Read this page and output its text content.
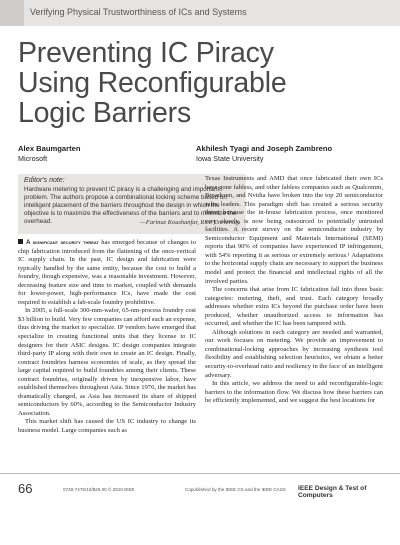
Verifying Physical Trustworthiness of ICs and Systems
Preventing IC Piracy
Using Reconfigurable
Logic Barriers
Alex Baumgarten
Microsoft
Akhilesh Tyagi and Joseph Zambreno
Iowa State University
Editor's note:
Hardware metering to prevent IC piracy is a challenging and important problem. The authors propose a combinational locking scheme based on intelligent placement of the barriers throughout the design in which the objective is to maximize the effectiveness of the barriers and to minimize the overhead.	—Farinaz Koushanfar, Rice University

A significant security threat has emerged because of changes to chip fabrication introduced from the flattening of the once-vertical IC supply chain. In the past, IC design and fabrication were typically handled by the same entity, because the cost to build a foundry, though expensive, was a reasonable investment. However, decreasing feature size and time to market, coupled with demands for lower-power, high-performance ICs, have made the cost required to establish a fab-scale foundry prohibitive.

In 2005, a full-scale 300-mm-wafer, 65-nm-process foundry cost $3 billion to build. Very few companies can afford such an expense, thus driving the market to specialize. IP vendors have emerged that specialize in creating functional units that they license to IC designers for their ASIC designs. IC design companies integrate third-party IP along with their own to create an IC design. Finally, contract foundries harness economies of scale, as they spread the large capital required to build foundries among their clients. These contract foundries, originally driven by inexpensive labor, have established themselves throughout Asia. Since 1976, the market has dramatically changed, as Asia has increased its share of shipped semiconductors by 60%, according to the Semiconductor Industry Association.

This market shift has caused the US IC industry to change its business model. Large companies such as

Texas Instruments and AMD that once fabricated their own ICs have gone fabless, and other fabless companies such as Qualcomm, Broadcom, and Nvidia have broken into the top 20 semiconductor sales leaders. This paradigm shift has created a serious security threat because the in-house fabrication process, once monitored very closely, is now being outsourced to potentially untrusted facilities. A recent survey on the semiconductor industry by Semiconductor Equipment and Materials International (SEMI) reports that 90% of companies have experienced IP infringement, with 54% reporting it as serious or extremely serious.¹ Adaptations to the horizontal supply chain are necessary to support the business model and protect the financial and intellectual rights of all the involved parties.

The concerns that arise from IC fabrication fall into three basic categories: metering, theft, and trust. Each category broadly addresses whether extra ICs beyond the purchase order have been produced, whether unauthorized access to information has occurred, and whether the IC has been tampered with.

Although solutions in each category are needed and warranted, our work focuses on metering. We provide an improvement to combinational-locking approaches by increasing synthesis tool flexibility and establishing selection heuristics, we obtain a better security-to-overhead ratio and resiliency in the face of an intelligent adversary.

In this article, we address the need to add reconfigurable-logic barriers to the information flow. We discuss how these barriers can be efficiently implemented, and we suggest the best locations for

66	0740-7475/10/$26.00 © 2010 IEEE	Copublished by the IEEE CS and the IEEE CASS IEEE Design & Test of Computers
